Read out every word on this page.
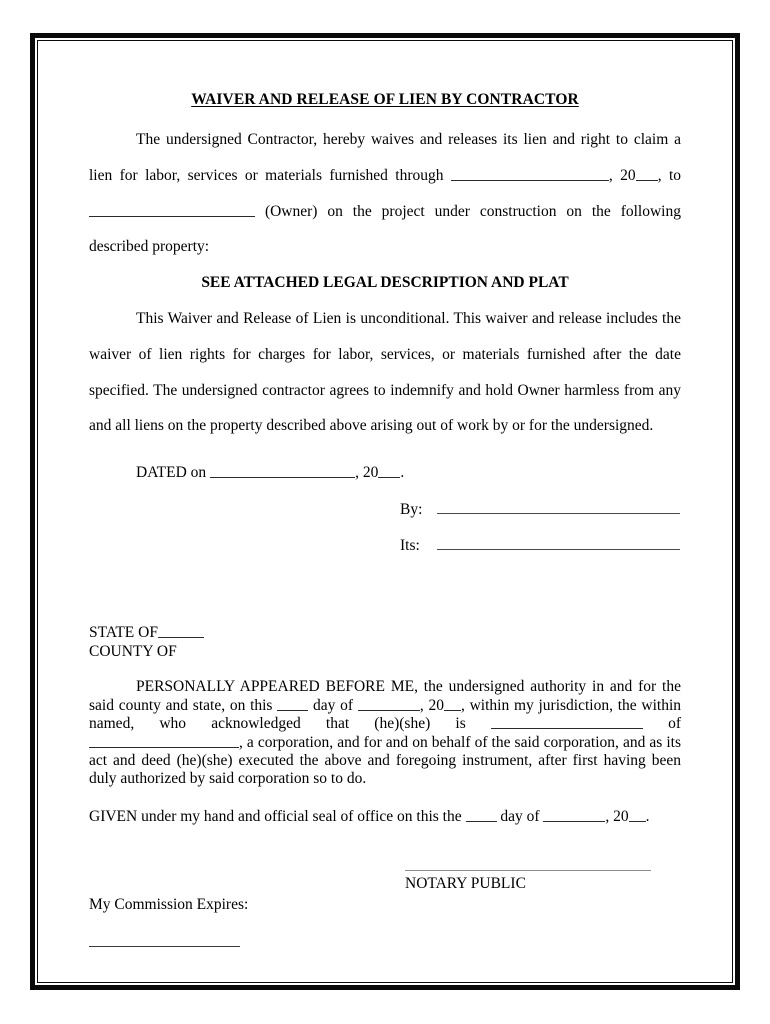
WAIVER AND RELEASE OF LIEN BY CONTRACTOR

The undersigned Contractor, hereby waives and releases its lien and right to claim a lien for labor, services or materials furnished through	, 20 , to  (Owner) on the project under construction on the following described property:

SEE ATTACHED LEGAL DESCRIPTION AND PLAT

This Waiver and Release of Lien is unconditional. This waiver and release includes the waiver of lien rights for charges for labor, services, or materials furnished after the date specified. The undersigned contractor agrees to indemnify and hold Owner harmless from any and all liens on the property described above arising out of work by or for the undersigned.

DATED on	, 20 .

By:
Its:
STATE OF
COUNTY OF

PERSONALLY APPEARED BEFORE ME, the undersigned authority in and for the said county and state, on this	day of	, 20 , within my jurisdiction, the within named, who acknowledged that (he)(she) is	of , a corporation, and for and on behalf of the said corporation, and as its act and deed (he)(she) executed the above and foregoing instrument, after first having been duly authorized by said corporation so to do.

GIVEN under my hand and official seal of office on this the	day of	, 20 .

NOTARY PUBLIC

My Commission Expires:
